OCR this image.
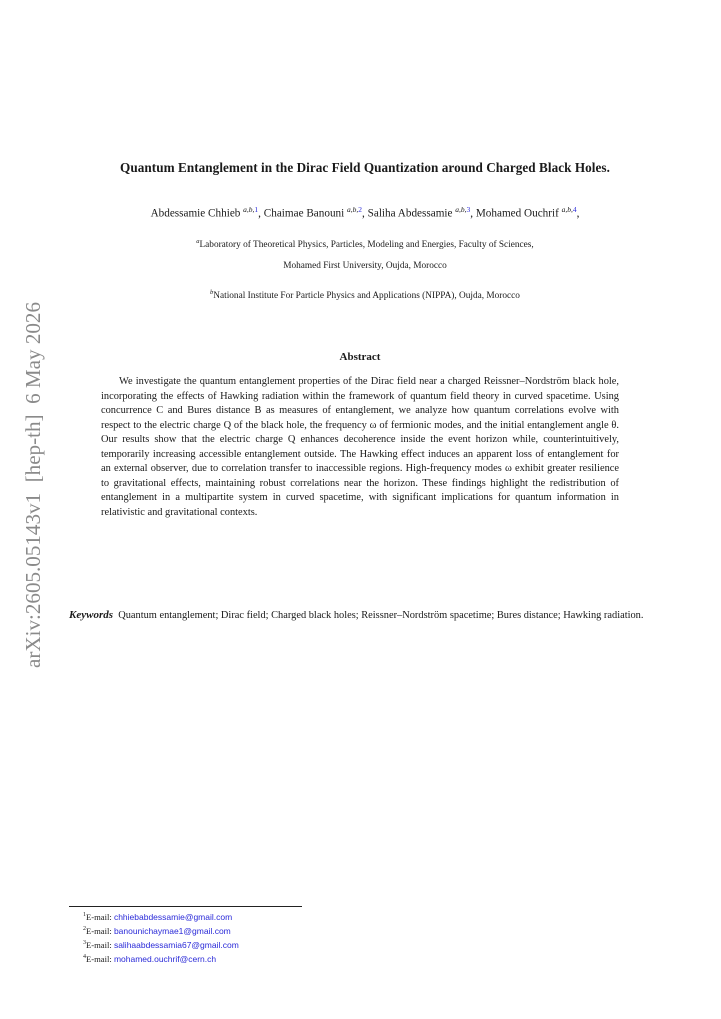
arXiv:2605.05143v1  [hep-th]  6 May 2026
Quantum Entanglement in the Dirac Field Quantization around Charged Black Holes.
Abdessamie Chhieb $^{a,b,1}$, Chaimae Banouni $^{a,b,2}$, Saliha Abdessamie $^{a,b,3}$, Mohamed Ouchrif $^{a,b,4}$,
$^a$Laboratory of Theoretical Physics, Particles, Modeling and Energies, Faculty of Sciences,
Mohamed First University, Oujda, Morocco
$^b$National Institute For Particle Physics and Applications (NIPPA), Oujda, Morocco
Abstract
We investigate the quantum entanglement properties of the Dirac field near a charged Reissner–Nordström black hole, incorporating the effects of Hawking radiation within the framework of quantum field theory in curved spacetime. Using concurrence C and Bures distance B as measures of entanglement, we analyze how quantum correlations evolve with respect to the electric charge Q of the black hole, the frequency ω of fermionic modes, and the initial entanglement angle θ. Our results show that the electric charge Q enhances decoherence inside the event horizon while, counterintuitively, temporarily increasing accessible entanglement outside. The Hawking effect induces an apparent loss of entanglement for an external observer, due to correlation transfer to inaccessible regions. High-frequency modes ω exhibit greater resilience to gravitational effects, maintaining robust correlations near the horizon. These findings highlight the redistribution of entanglement in a multipartite system in curved spacetime, with significant implications for quantum information in relativistic and gravitational contexts.
Keywords Quantum entanglement; Dirac field; Charged black holes; Reissner–Nordström spacetime; Bures distance; Hawking radiation.
$^1$E-mail: chhiebabdessamie@gmail.com
$^2$E-mail: banounichaymae1@gmail.com
$^3$E-mail: salihaabdessamia67@gmail.com
$^4$E-mail: mohamed.ouchrif@cern.ch
